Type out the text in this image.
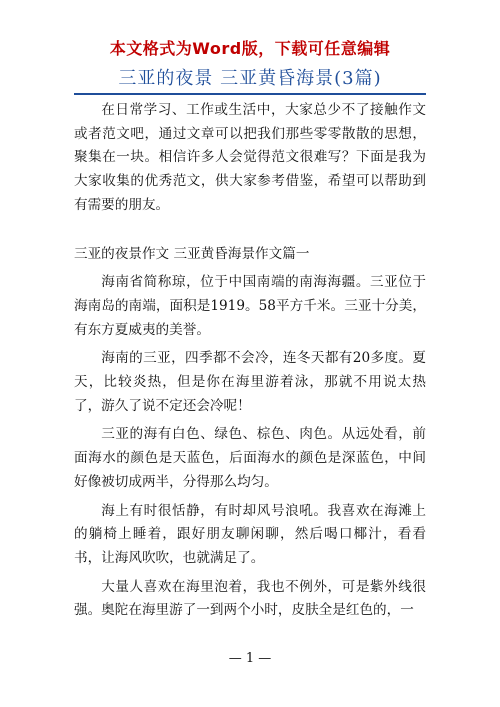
本文格式为Word版，下载可任意编辑
三亚的夜景 三亚黄昏海景(3篇)

在日常学习、工作或生活中，大家总少不了接触作文或者范文吧，通过文章可以把我们那些零零散散的思想，聚集在一块。相信许多人会觉得范文很难写？下面是我为大家收集的优秀范文，供大家参考借鉴，希望可以帮助到有需要的朋友。

三亚的夜景作文 三亚黄昏海景作文篇一

海南省简称琼，位于中国南端的南海海疆。三亚位于海南岛的南端，面积是1919。58平方千米。三亚十分美，有东方夏威夷的美誉。

海南的三亚，四季都不会冷，连冬天都有20多度。夏天，比较炎热，但是你在海里游着泳，那就不用说太热了，游久了说不定还会冷呢！

三亚的海有白色、绿色、棕色、肉色。从远处看，前面海水的颜色是天蓝色，后面海水的颜色是深蓝色，中间好像被切成两半，分得那么均匀。

海上有时很恬静，有时却风号浪吼。我喜欢在海滩上的躺椅上睡着，跟好朋友聊闲聊，然后喝口椰汁，看看书，让海风吹吹，也就满足了。

大量人喜欢在海里泡着，我也不例外，可是紫外线很强。奥陀在海里游了一到两个小时，皮肤全是红色的，一

— 1 —
